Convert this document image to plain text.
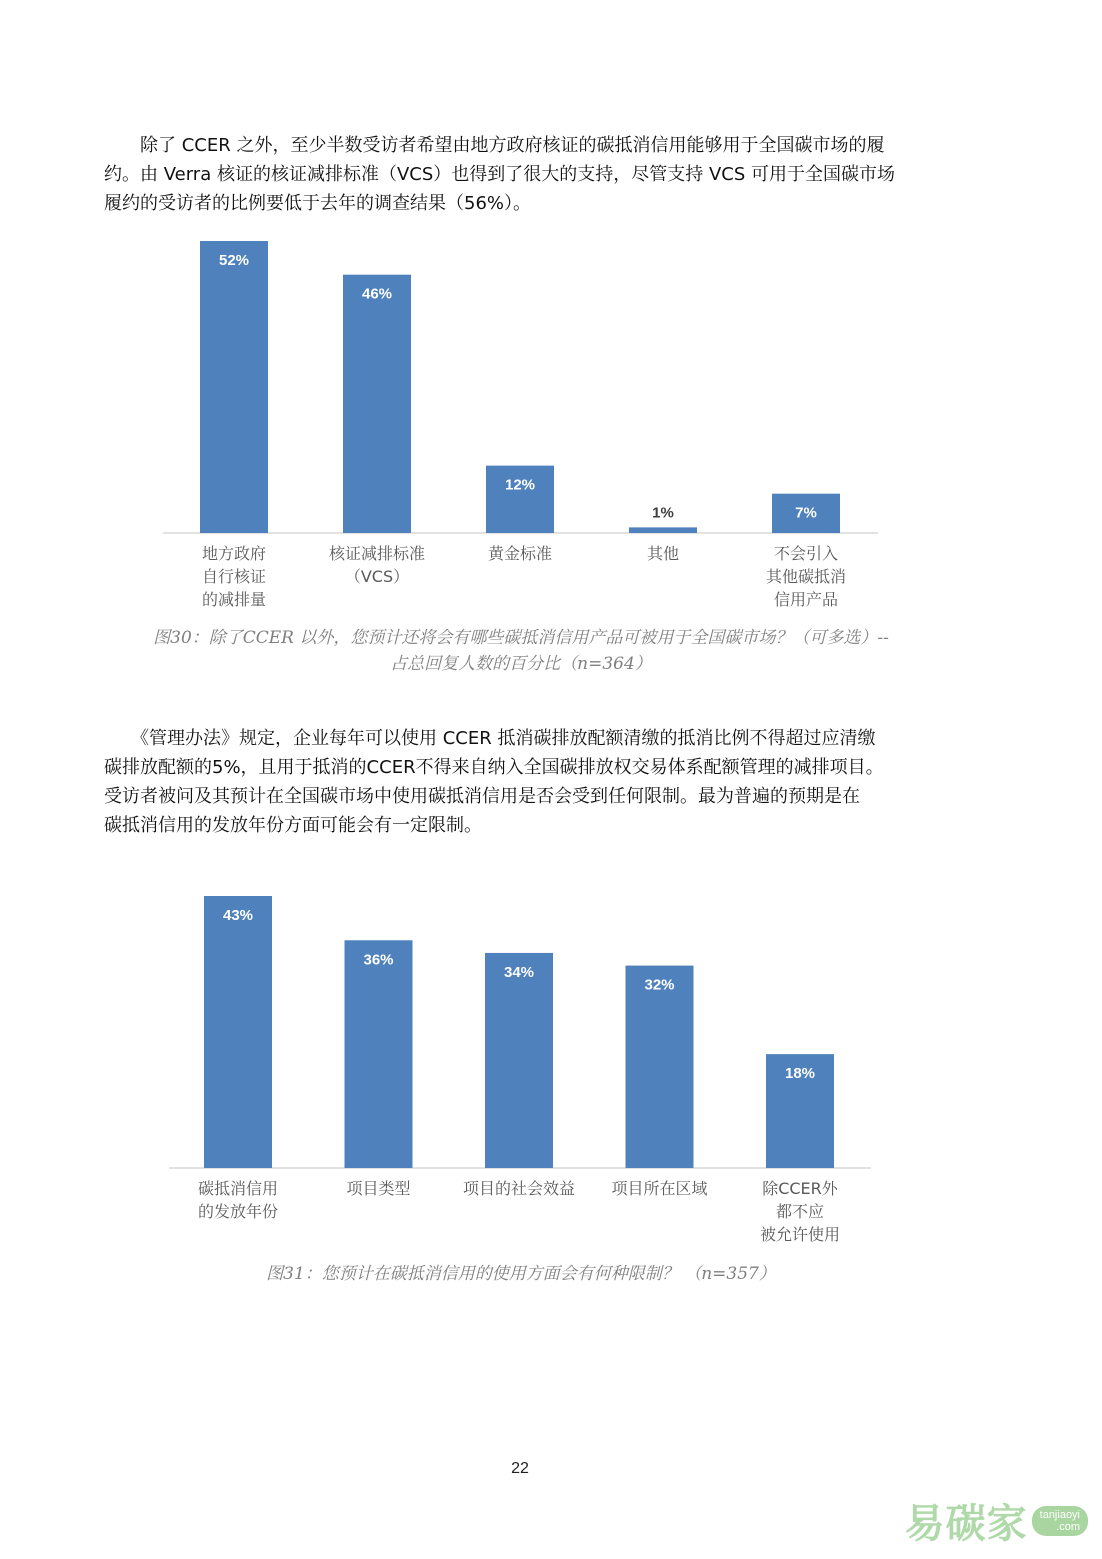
　　除了 CCER 之外，至少半数受访者希望由地方政府核证的碳抵消信用能够用于全国碳市场的履
约。由 Verra 核证的核证减排标准（VCS）也得到了很大的支持，尽管支持 VCS 可用于全国碳市场
履约的受访者的比例要低于去年的调查结果（56%）。
52%
地方政府
自行核证
的减排量
46%
核证减排标准
（VCS）
12%
黄金标准
1%
其他
7%
不会引入
其他碳抵消
信用产品
图30：除了CCER 以外，您预计还将会有哪些碳抵消信用产品可被用于全国碳市场？（可多选）--
占总回复人数的百分比（n=364）
　　《管理办法》规定，企业每年可以使用 CCER 抵消碳排放配额清缴的抵消比例不得超过应清缴
碳排放配额的5%，且用于抵消的CCER不得来自纳入全国碳排放权交易体系配额管理的减排项目。
受访者被问及其预计在全国碳市场中使用碳抵消信用是否会受到任何限制。最为普遍的预期是在
碳抵消信用的发放年份方面可能会有一定限制。
43%
碳抵消信用
的发放年份
36%
项目类型
34%
项目的社会效益
32%
项目所在区域
18%
除CCER外
都不应
被允许使用
图31：您预计在碳抵消信用的使用方面会有何种限制？ （n=357）
22
易碳家 tanjiaoyi
.com
